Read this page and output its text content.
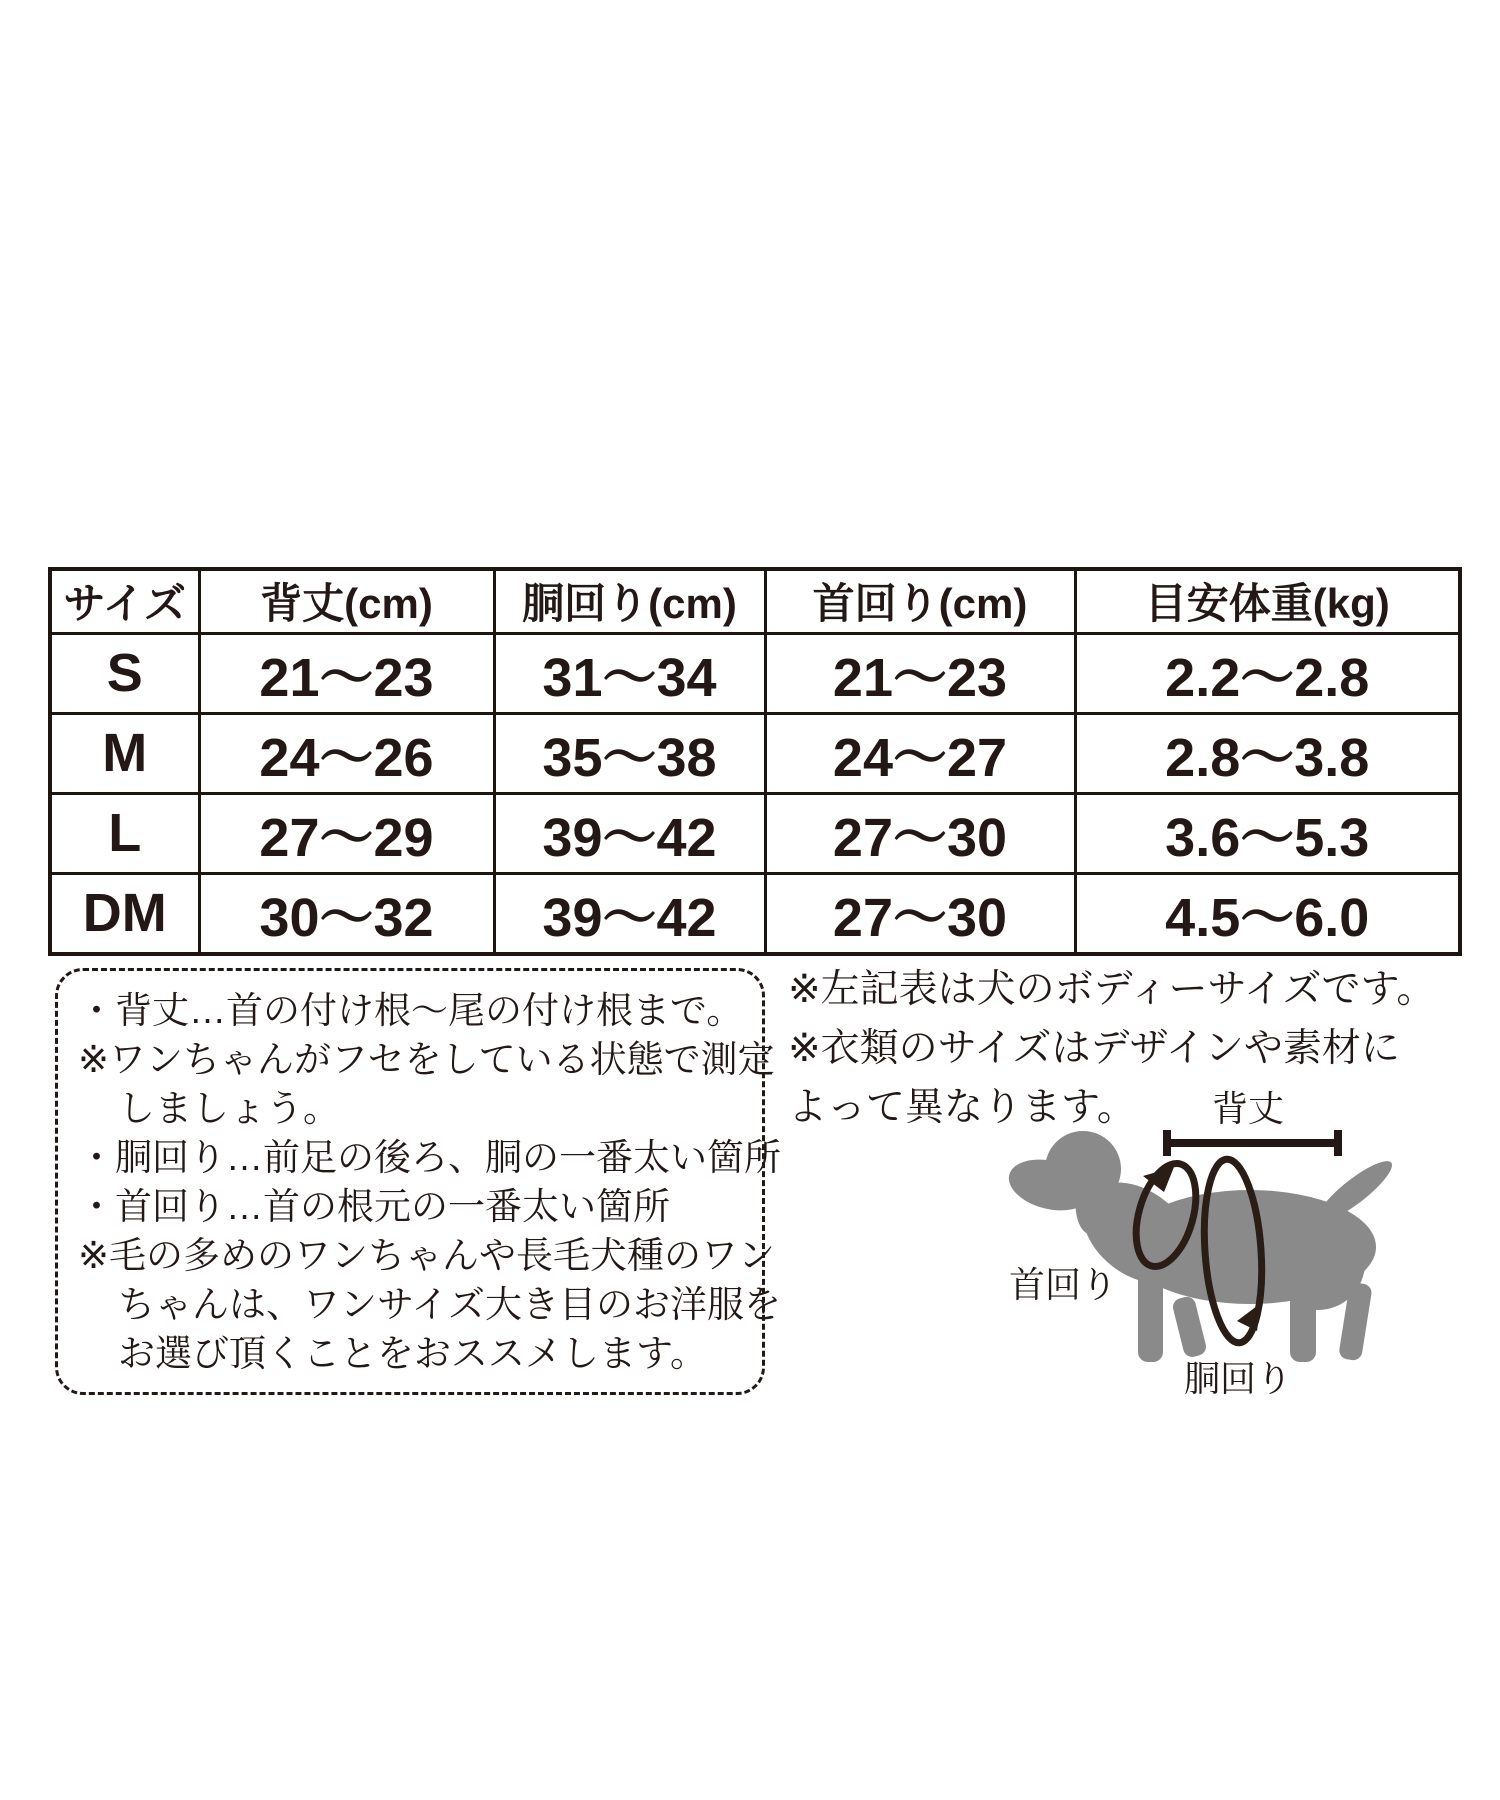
サイズ	背丈(cm)	胴回り(cm)	首回り(cm)	目安体重(kg)
S	21〜23	31〜34	21〜23	2.2〜2.8
M	24〜26	35〜38	24〜27	2.8〜3.8
L	27〜29	39〜42	27〜30	3.6〜5.3
DM	30〜32	39〜42	27〜30	4.5〜6.0
・背丈…首の付け根〜尾の付け根まで。
※ワンちゃんがフセをしている状態で測定
しましょう。
・胴回り…前足の後ろ、胴の一番太い箇所
・首回り…首の根元の一番太い箇所
※毛の多めのワンちゃんや長毛犬種のワン
ちゃんは、ワンサイズ大き目のお洋服を
お選び頂くことをおススメします。
※左記表は犬のボディーサイズです。
※衣類のサイズはデザインや素材に
よって異なります。	背丈
首回り
胴回り
